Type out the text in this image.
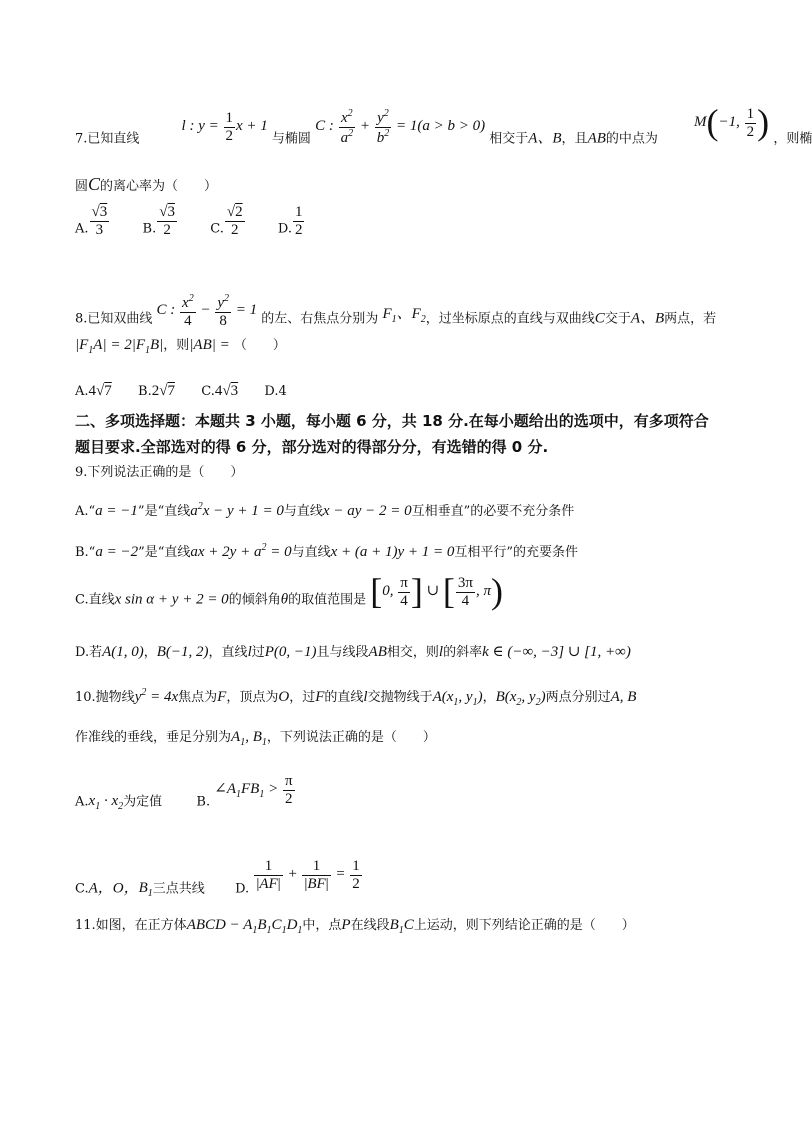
7.已知直线 l : $y = \frac{1}{2}$ x + 1 与椭圆 C : $\frac{x^2}{a^2} + \frac{y^2}{b^2} = 1(a > b > 0)$ 相交于A、B，且AB的中点为 M(−1, $\frac{1}{2}$ ) ，则椭
圆C的离心率为（　　）
A. $\frac{√3}{3}$	B. $\frac{√3}{2}$	C. $\frac{√2}{2}$	D. $\frac{1}{2}$
8.已知双曲线 C : $\frac{x^2}{4} - \frac{y^2}{8} = 1$ 的左、右焦点分别为 $F_1$、$F_2$，过坐标原点的直线与双曲线C交于A、B两点，若
$|F_1A| = 2|F_1B|$，则|AB| = （　　）
A.4√7 B.2√7 C.4√3 D.4
二、多项选择题：本题共 3 小题，每小题 6 分，共 18 分.在每小题给出的选项中，有多项符合
题目要求.全部选对的得 6 分，部分选对的得部分分，有选错的得 0 分.
9.下列说法正确的是（　　）
A.“a = −1”是“直线$a^2x - y + 1 = 0$与直线x − ay − 2 = 0互相垂直”的必要不充分条件
B.“a = −2”是“直线ax + $2y + a^2 = 0$与直线x + (a + 1)y + 1 = 0互相平行”的充要条件
C.直线x sin α + y + 2 = 0的倾斜角θ的取值范围是 [0, $\frac{\pi}{4}$ ] ∪ [ $\frac{3\pi}{4}$ , π)
D.若A(1, 0)，B(−1, 2)，直线l过P(0, −1)且与线段AB相交，则l的斜率k ∈ (−∞, −3] ∪ [1, +∞)
10.抛物线$y^2 = 4x$焦点为F，顶点为O，过F的直线l交抛物线于$A(x_1$, $y_1$)，$B(x_2$, $y_2$)两点分别过A, B
作准线的垂线，垂足分别为$A_1$, $B_1$，下列说法正确的是（　　）
$A.x_1 \cdot x_2$为定值	B. $\angle A_1FB_1 > \frac{\pi}{2}$
C.A，O，$B_1$三点共线 D. $\frac{1}{|AF|} + \frac{1}{|BF|} = \frac{1}{2}$
11.如图，在正方体ABCD − $A_1B_1C_1D_1$中，点P在线段$B_1C$上运动，则下列结论正确的是（　　）
